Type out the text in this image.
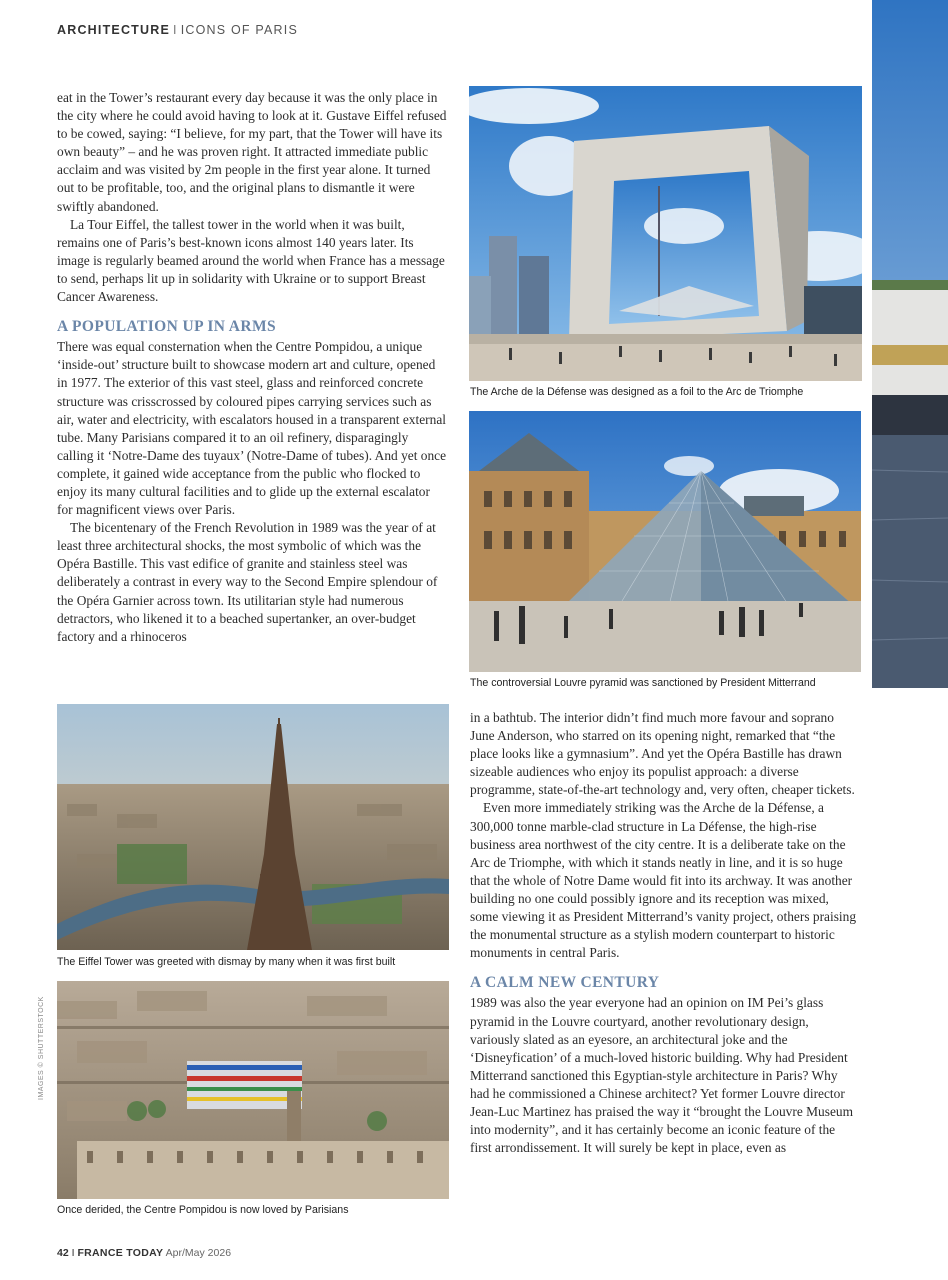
ARCHITECTURE I ICONS OF PARIS

eat in the Tower’s restaurant every day because it was the only place in the city where he could avoid having to look at it. Gustave Eiffel refused to be cowed, saying: “I believe, for my part, that the Tower will have its own beauty” – and he was proven right. It attracted immediate public acclaim and was visited by 2m people in the first year alone. It turned out to be profitable, too, and the original plans to dismantle it were swiftly abandoned.

La Tour Eiffel, the tallest tower in the world when it was built, remains one of Paris’s best-known icons almost 140 years later. Its image is regularly beamed around the world when France has a message to send, perhaps lit up in solidarity with Ukraine or to support Breast Cancer Awareness.

A POPULATION UP IN ARMS

There was equal consternation when the Centre Pompidou, a unique ‘inside-out’ structure built to showcase modern art and culture, opened in 1977. The exterior of this vast steel, glass and reinforced concrete structure was crisscrossed by coloured pipes carrying services such as air, water and electricity, with escalators housed in a transparent external tube. Many Parisians compared it to an oil refinery, disparagingly calling it ‘Notre-Dame des tuyaux’ (Notre-Dame of tubes). And yet once complete, it gained wide acceptance from the public who flocked to enjoy its many cultural facilities and to glide up the external escalator for magnificent views over Paris.

The bicentenary of the French Revolution in 1989 was the year of at least three architectural shocks, the most symbolic of which was the Opéra Bastille. This vast edifice of granite and stainless steel was deliberately a contrast in every way to the Second Empire splendour of the Opéra Garnier across town. Its utilitarian style had numerous detractors, who likened it to a beached supertanker, an over-budget factory and a rhinoceros

in a bathtub. The interior didn’t find much more favour and soprano June Anderson, who starred on its opening night, remarked that “the place looks like a gymnasium”. And yet the Opéra Bastille has drawn sizeable audiences who enjoy its populist approach: a diverse programme, state-of-the-art technology and, very often, cheaper tickets.

Even more immediately striking was the Arche de la Défense, a 300,000 tonne marble-clad structure in La Défense, the high-rise business area northwest of the city centre. It is a deliberate take on the Arc de Triomphe, with which it stands neatly in line, and it is so huge that the whole of Notre Dame would fit into its archway. It was another building no one could possibly ignore and its reception was mixed, some viewing it as President Mitterrand’s vanity project, others praising the monumental structure as a stylish modern counterpart to historic monuments in central Paris.

A CALM NEW CENTURY

1989 was also the year everyone had an opinion on IM Pei’s glass pyramid in the Louvre courtyard, another revolutionary design, variously slated as an eyesore, an architectural joke and the ‘Disneyfication’ of a much-loved historic building. Why had President Mitterrand sanctioned this Egyptian-style architecture in Paris? Why had he commissioned a Chinese architect? Yet former Louvre director Jean-Luc Martinez has praised the way it “brought the Louvre Museum into modernity”, and it has certainly become an iconic feature of the first arrondissement. It will surely be kept in place, even as

The Arche de la Défense was designed as a foil to the Arc de Triomphe
The controversial Louvre pyramid was sanctioned by President Mitterrand
The Eiffel Tower was greeted with dismay by many when it was first built
Once derided, the Centre Pompidou is now loved by Parisians
IMAGES © SHUTTERSTOCK
42 I FRANCE TODAY Apr/May 2026
